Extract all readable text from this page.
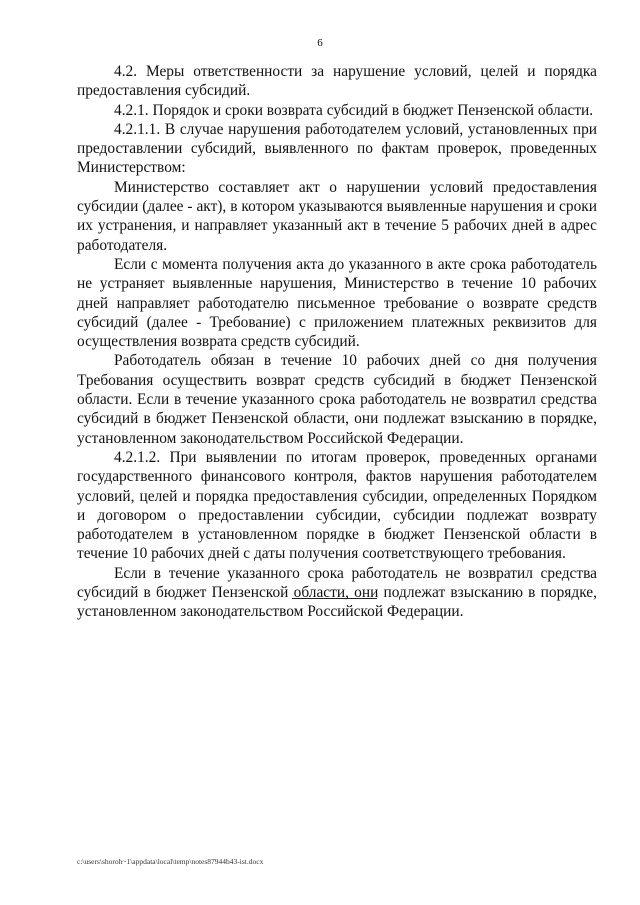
6

4.2. Меры ответственности за нарушение условий, целей и порядка предоставления субсидий.

4.2.1. Порядок и сроки возврата субсидий в бюджет Пензенской области.

4.2.1.1. В случае нарушения работодателем условий, установленных при предоставлении субсидий, выявленного по фактам проверок, проведенных Министерством:

Министерство составляет акт о нарушении условий предоставления субсидии (далее - акт), в котором указываются выявленные нарушения и сроки их устранения, и направляет указанный акт в течение 5 рабочих дней в адрес работодателя.

Если с момента получения акта до указанного в акте срока работодатель не устраняет выявленные нарушения, Министерство в течение 10 рабочих дней направляет работодателю письменное требование о возврате средств субсидий (далее - Требование) с приложением платежных реквизитов для осуществления возврата средств субсидий.

Работодатель обязан в течение 10 рабочих дней со дня получения Требования осуществить возврат средств субсидий в бюджет Пензенской области. Если в течение указанного срока работодатель не возвратил средства субсидий в бюджет Пензенской области, они подлежат взысканию в порядке, установленном законодательством Российской Федерации.

4.2.1.2. При выявлении по итогам проверок, проведенных органами государственного финансового контроля, фактов нарушения работодателем условий, целей и порядка предоставления субсидии, определенных Порядком и договором о предоставлении субсидии, субсидии подлежат возврату работодателем в установленном порядке в бюджет Пензенской области в течение 10 рабочих дней с даты получения соответствующего требования.

Если в течение указанного срока работодатель не возвратил средства субсидий в бюджет Пензенской области, они подлежат взысканию в порядке, установленном законодательством Российской Федерации.

c:\users\shoroh~1\appdata\local\temp\notes87944b43-ist.docx
